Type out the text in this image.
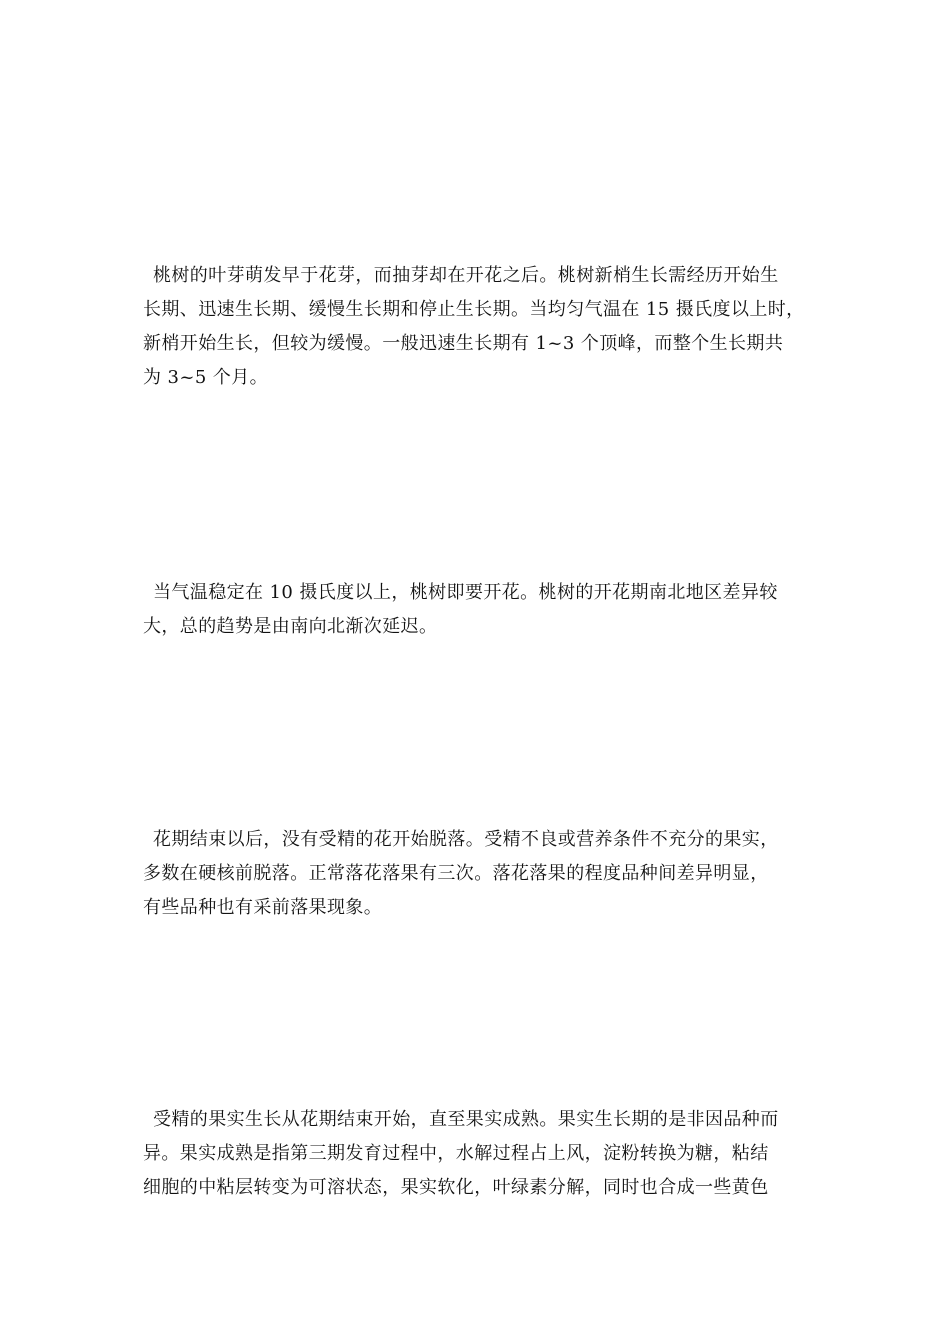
桃树的叶芽萌发早于花芽，而抽芽却在开花之后。桃树新梢生长需经历开始生
长期、迅速生长期、缓慢生长期和停止生长期。当均匀气温在 15 摄氏度以上时，
新梢开始生长，但较为缓慢。一般迅速生长期有 1~3 个顶峰，而整个生长期共
为 3~5 个月。
当气温稳定在 10 摄氏度以上，桃树即要开花。桃树的开花期南北地区差异较
大，总的趋势是由南向北渐次延迟。
花期结束以后，没有受精的花开始脱落。受精不良或营养条件不充分的果实，
多数在硬核前脱落。正常落花落果有三次。落花落果的程度品种间差异明显，
有些品种也有采前落果现象。
受精的果实生长从花期结束开始，直至果实成熟。果实生长期的是非因品种而
异。果实成熟是指第三期发育过程中，水解过程占上风，淀粉转换为糖，粘结
细胞的中粘层转变为可溶状态，果实软化，叶绿素分解，同时也合成一些黄色
